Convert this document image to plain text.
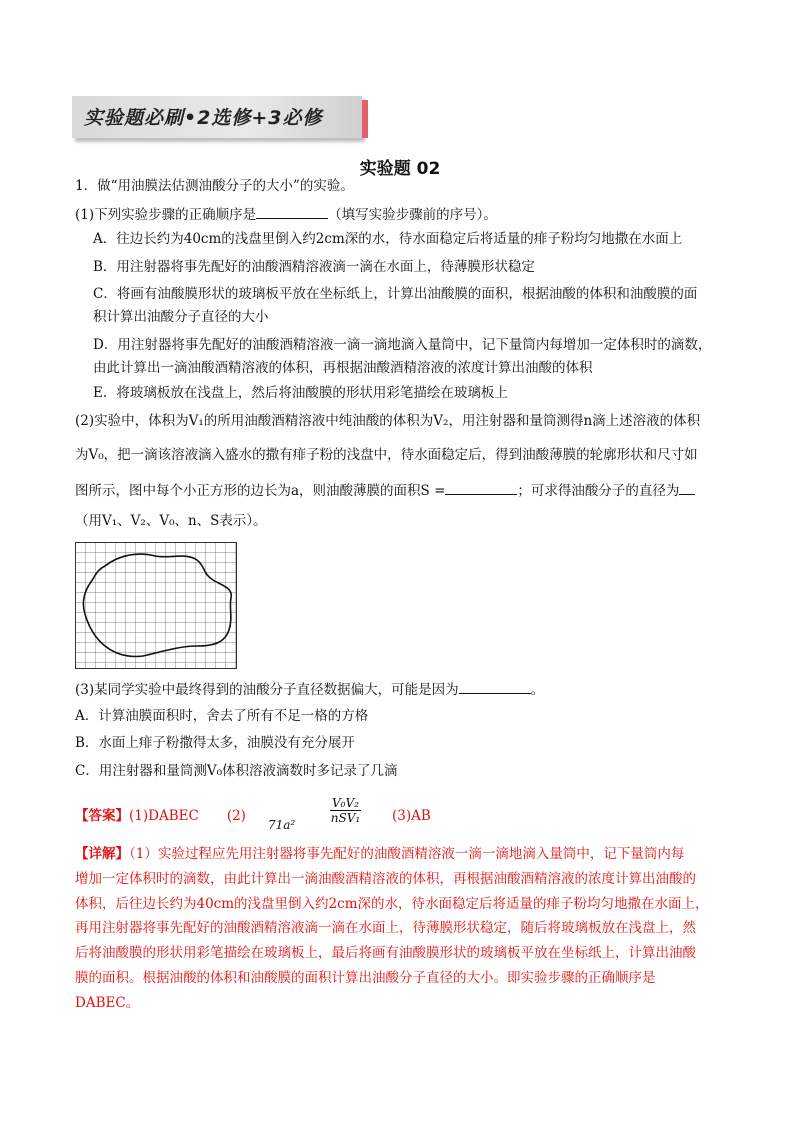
实验题必刷•2选修+3必修
实验题 02
1．做“用油膜法估测油酸分子的大小”的实验。
(1)下列实验步骤的正确顺序是	（填写实验步骤前的序号）。
A．往边长约为40cm的浅盘里倒入约2cm深的水，待水面稳定后将适量的痱子粉均匀地撒在水面上
B．用注射器将事先配好的油酸酒精溶液滴一滴在水面上，待薄膜形状稳定
C．将画有油酸膜形状的玻璃板平放在坐标纸上，计算出油酸膜的面积，根据油酸的体积和油酸膜的面
积计算出油酸分子直径的大小
D．用注射器将事先配好的油酸酒精溶液一滴一滴地滴入量筒中，记下量筒内每增加一定体积时的滴数，
由此计算出一滴油酸酒精溶液的体积，再根据油酸酒精溶液的浓度计算出油酸的体积
E．将玻璃板放在浅盘上，然后将油酸膜的形状用彩笔描绘在玻璃板上
(2)实验中，体积为V₁的所用油酸酒精溶液中纯油酸的体积为V₂，用注射器和量筒测得n滴上述溶液的体积
为V₀，把一滴该溶液滴入盛水的撒有痱子粉的浅盘中，待水面稳定后，得到油酸薄膜的轮廓形状和尺寸如
图所示，图中每个小正方形的边长为a，则油酸薄膜的面积S =	；可求得油酸分子的直径为
（用V₁、V₂、V₀、n、S表示）。
(3)某同学实验中最终得到的油酸分子直径数据偏大，可能是因为	。
A．计算油膜面积时，舍去了所有不足一格的方格
B．水面上痱子粉撒得太多，油膜没有充分展开
C．用注射器和量筒测V₀体积溶液滴数时多记录了几滴
【答案】(1)DABEC (2)
71a²
V₀V₂
nSV₁ (3)AB
【详解】（1）实验过程应先用注射器将事先配好的油酸酒精溶液一滴一滴地滴入量筒中，记下量筒内每
增加一定体积时的滴数，由此计算出一滴油酸酒精溶液的体积，再根据油酸酒精溶液的浓度计算出油酸的
体积，后往边长约为40cm的浅盘里倒入约2cm深的水，待水面稳定后将适量的痱子粉均匀地撒在水面上，
再用注射器将事先配好的油酸酒精溶液滴一滴在水面上，待薄膜形状稳定，随后将玻璃板放在浅盘上，然
后将油酸膜的形状用彩笔描绘在玻璃板上，最后将画有油酸膜形状的玻璃板平放在坐标纸上，计算出油酸
膜的面积。根据油酸的体积和油酸膜的面积计算出油酸分子直径的大小。即实验步骤的正确顺序是
DABEC。
